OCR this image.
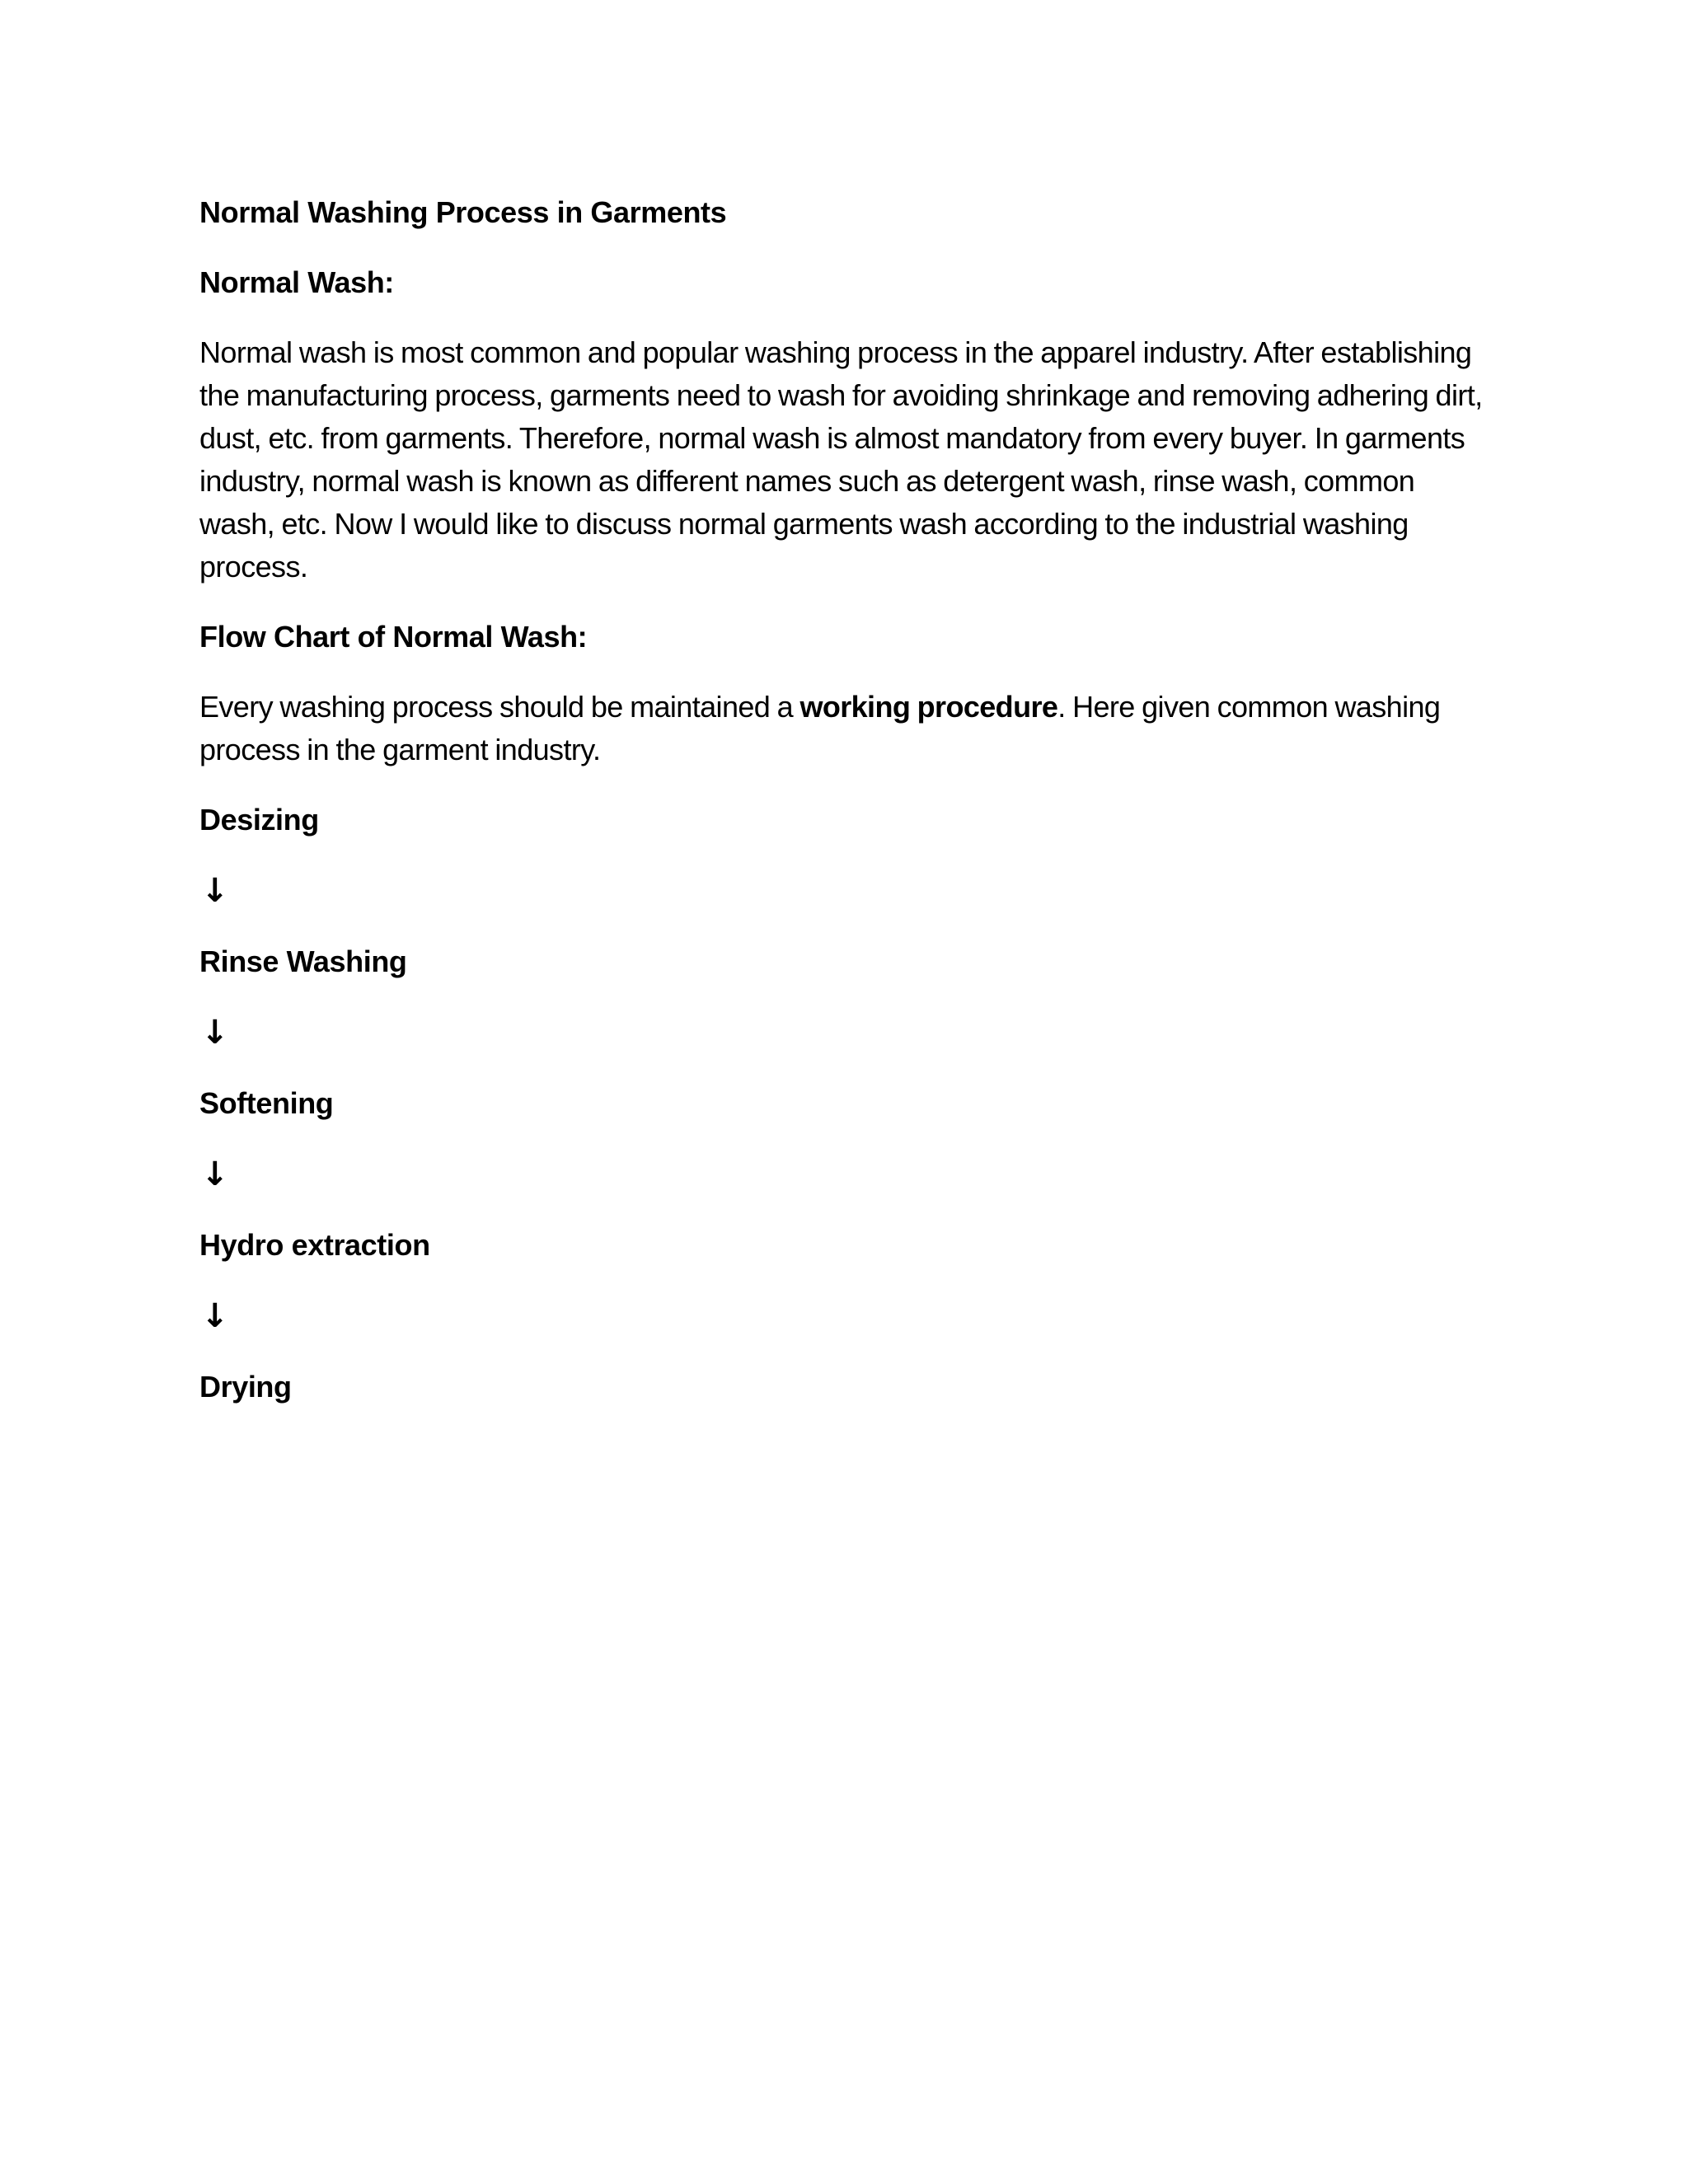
Normal Washing Process in Garments
Normal Wash:
Normal wash is most common and popular washing process in the apparel industry. After establishing the manufacturing process, garments need to wash for avoiding shrinkage and removing adhering dirt, dust, etc. from garments. Therefore, normal wash is almost mandatory from every buyer. In garments industry, normal wash is known as different names such as detergent wash, rinse wash, common wash, etc. Now I would like to discuss normal garments wash according to the industrial washing process.
Flow Chart of Normal Wash:
Every washing process should be maintained a working procedure. Here given common washing process in the garment industry.
Desizing
↓
Rinse Washing
↓
Softening
↓
Hydro extraction
↓
Drying
